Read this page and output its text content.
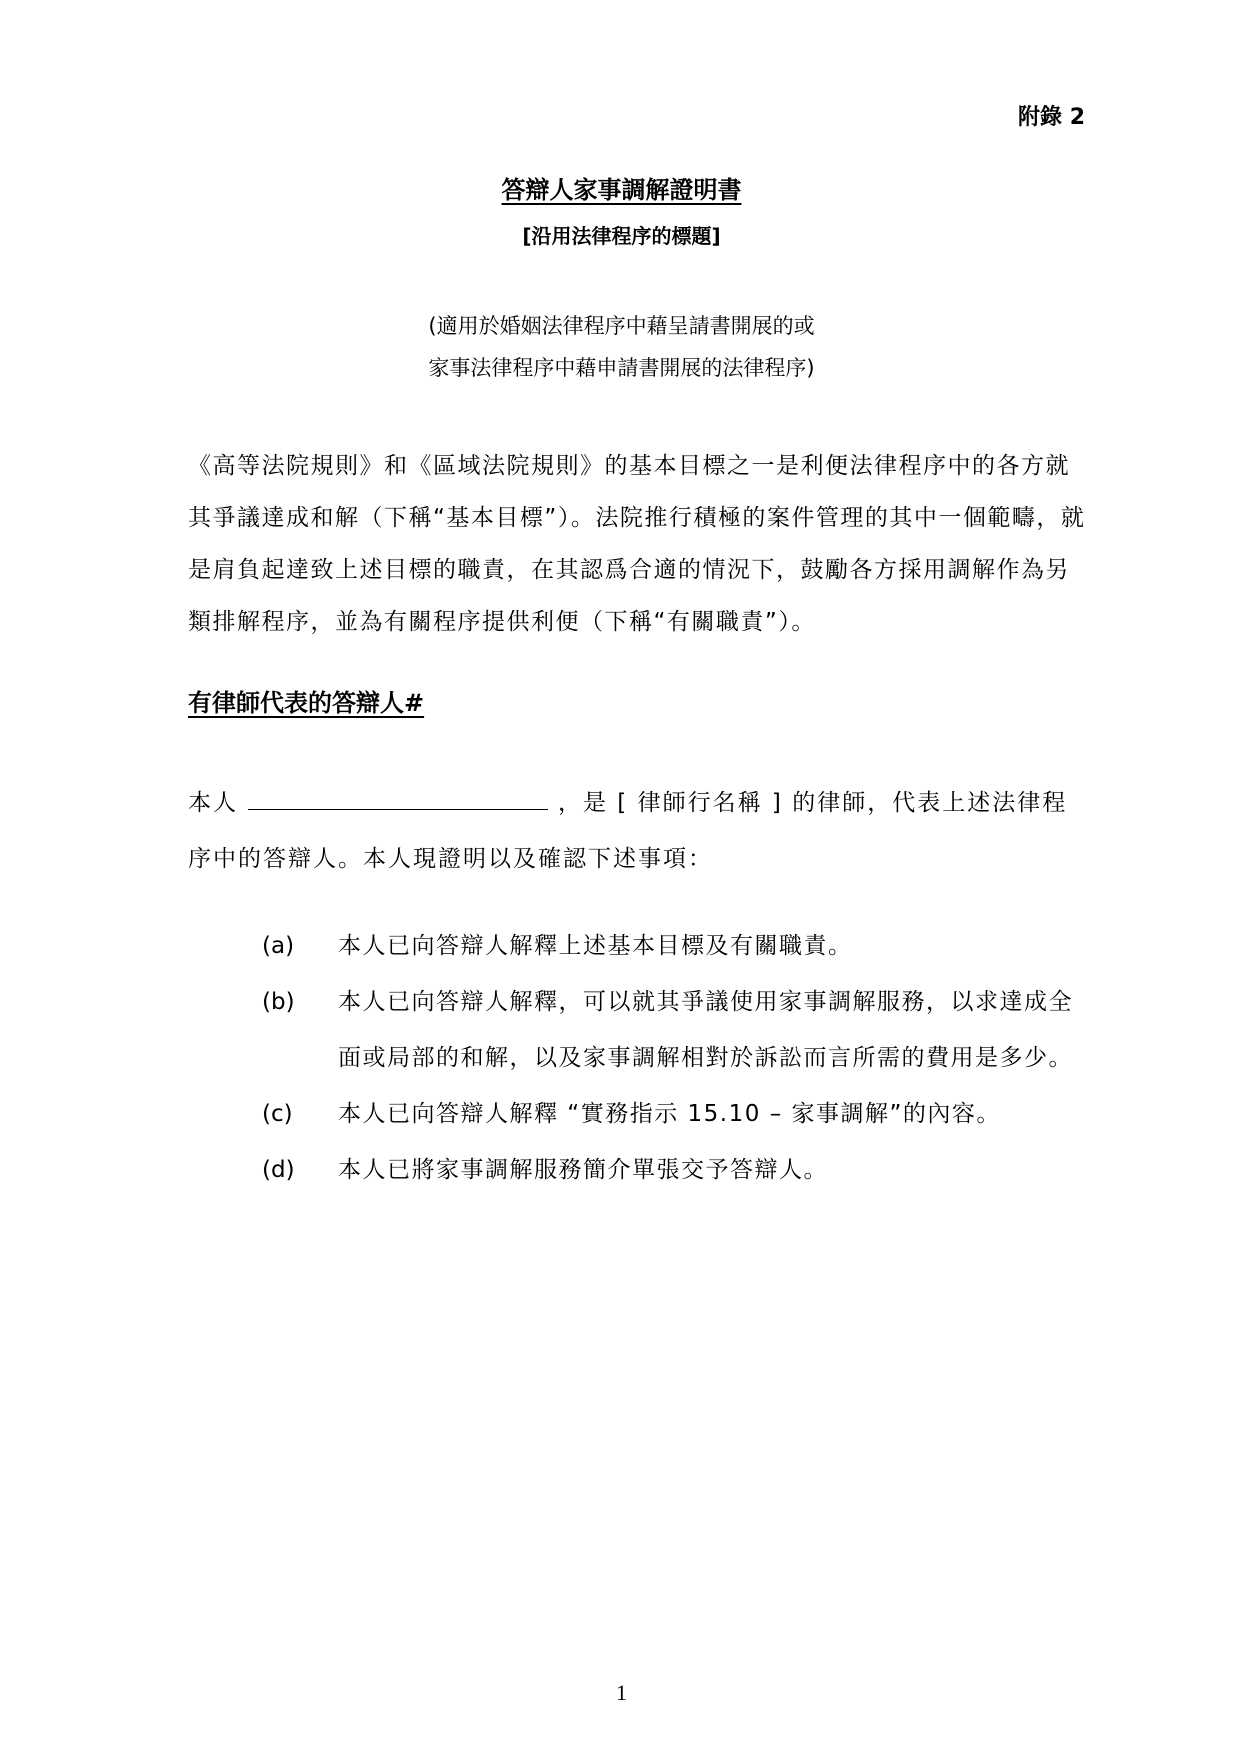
附錄 2
答辯人家事調解證明書
[沿用法律程序的標題]
(適用於婚姻法律程序中藉呈請書開展的或
家事法律程序中藉申請書開展的法律程序)
《高等法院規則》和《區域法院規則》的基本目標之一是利便法律程序中的各方就其爭議達成和解（下稱“基本目標”）。法院推行積極的案件管理的其中一個範疇，就是肩負起達致上述目標的職責，在其認爲合適的情況下，鼓勵各方採用調解作為另類排解程序，並為有關程序提供利便（下稱“有關職責”）。
有律師代表的答辯人#
本人	，是 [ 律師行名稱 ] 的律師，代表上述法律程序中的答辯人。本人現證明以及確認下述事項：
(a)	本人已向答辯人解釋上述基本目標及有關職責。
(b)	本人已向答辯人解釋，可以就其爭議使用家事調解服務，以求達成全面或局部的和解，以及家事調解相對於訴訟而言所需的費用是多少。
(c)	本人已向答辯人解釋 “實務指示 15.10 – 家事調解”的內容。
(d)	本人已將家事調解服務簡介單張交予答辯人。
1
